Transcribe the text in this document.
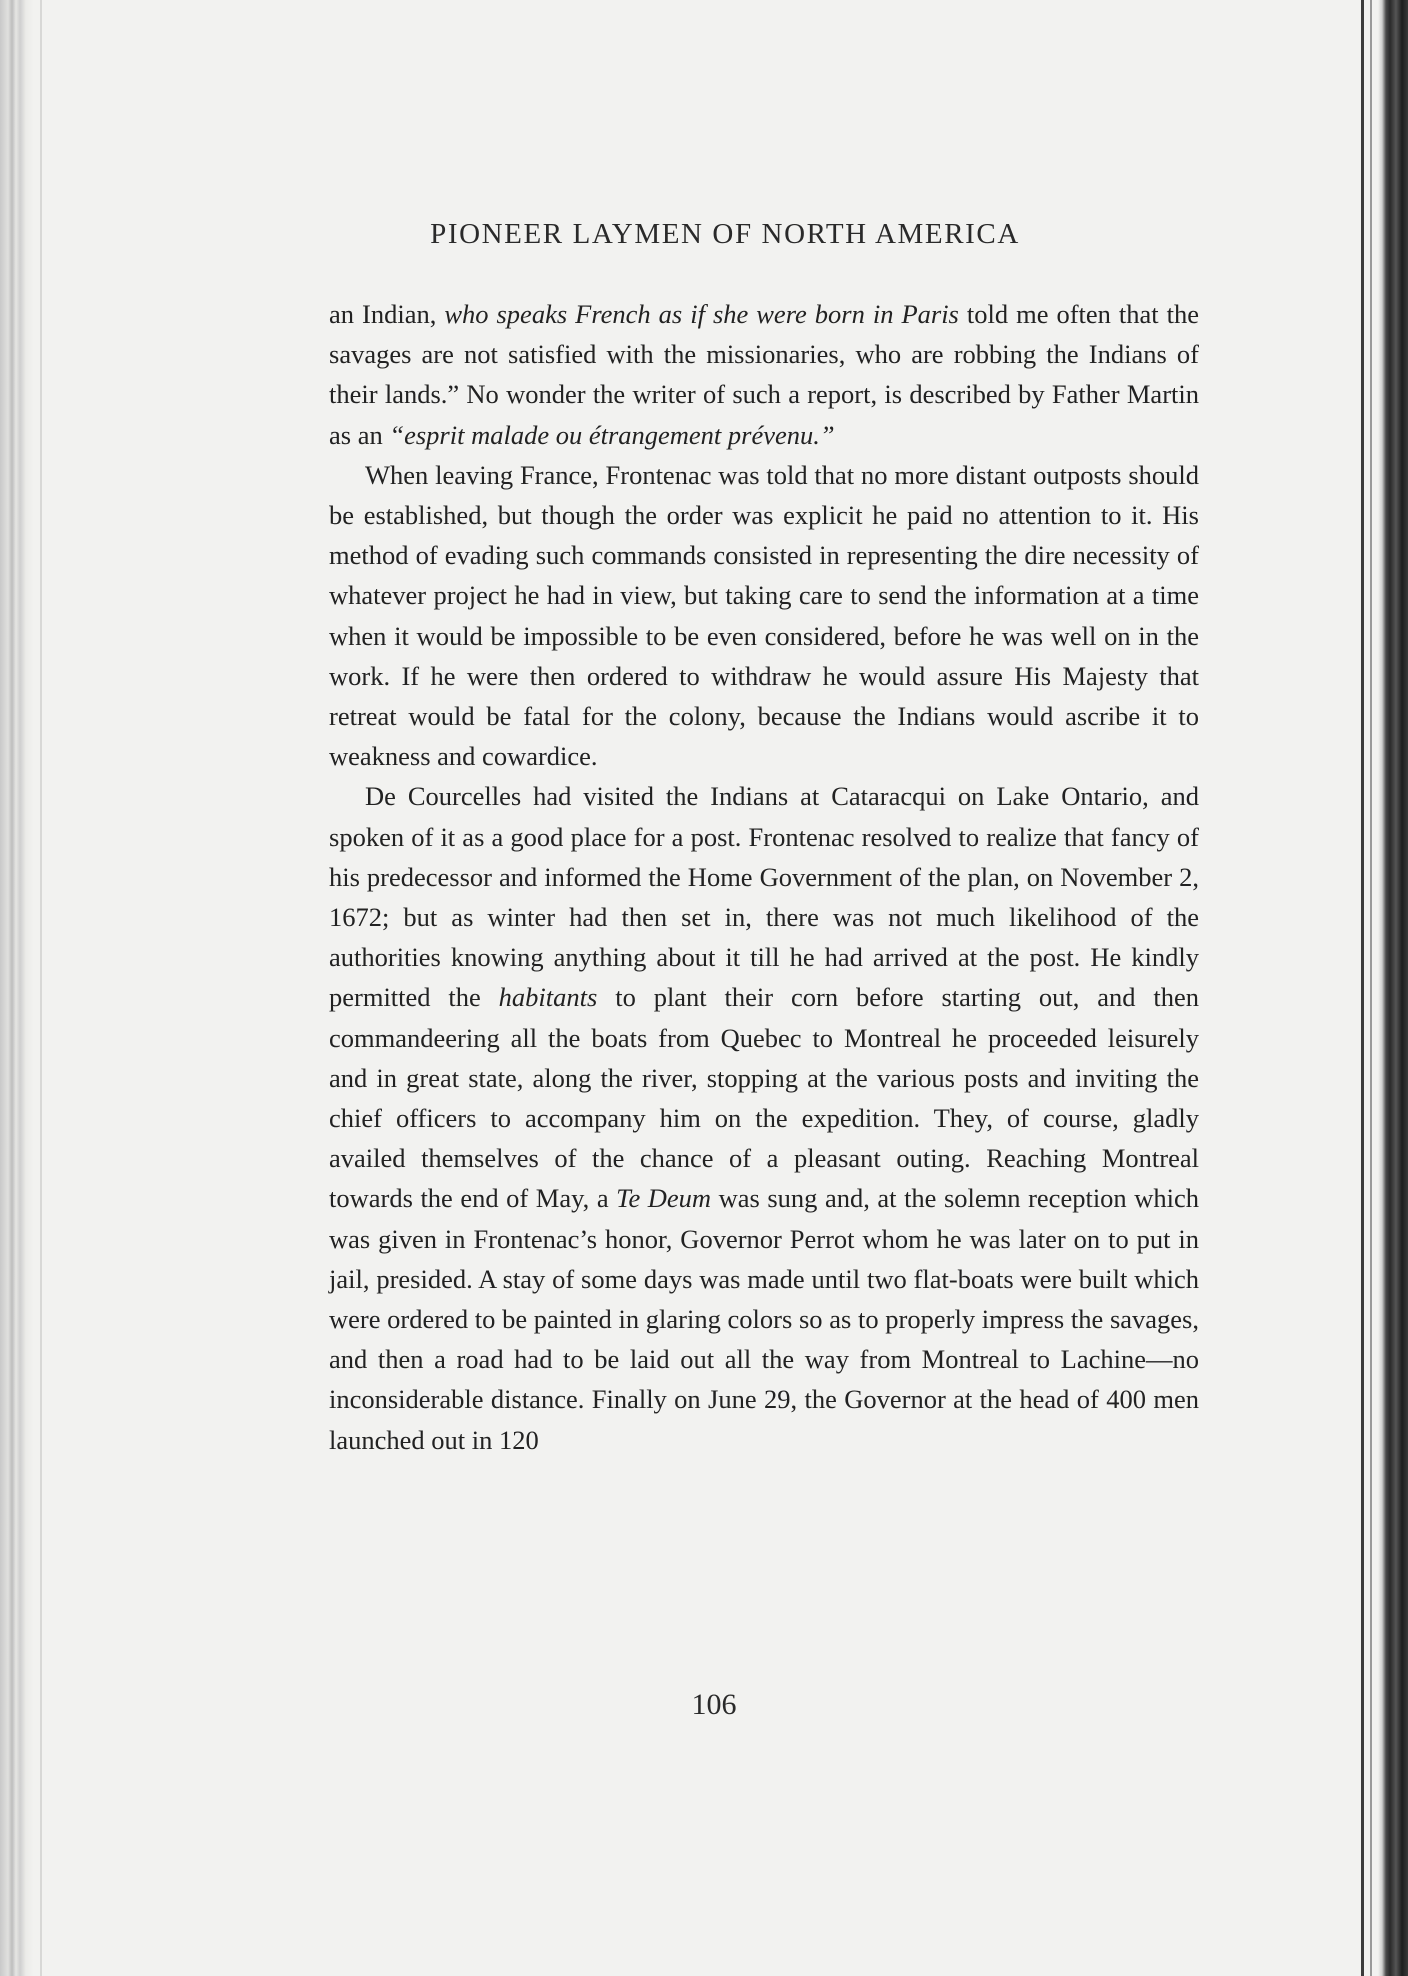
PIONEER LAYMEN OF NORTH AMERICA

an Indian, who speaks French as if she were born in Paris told me often that the savages are not satisfied with the missionaries, who are robbing the Indians of their lands.” No wonder the writer of such a report, is described by Father Martin as an “esprit malade ou étrangement prévenu.”

When leaving France, Frontenac was told that no more distant outposts should be established, but though the order was explicit he paid no attention to it. His method of evading such commands consisted in representing the dire necessity of whatever project he had in view, but taking care to send the information at a time when it would be impossible to be even considered, before he was well on in the work. If he were then ordered to withdraw he would assure His Majesty that retreat would be fatal for the colony, because the Indians would ascribe it to weakness and cowardice.

De Courcelles had visited the Indians at Cataracqui on Lake Ontario, and spoken of it as a good place for a post. Frontenac resolved to realize that fancy of his predecessor and informed the Home Government of the plan, on November 2, 1672; but as winter had then set in, there was not much likelihood of the authorities knowing anything about it till he had arrived at the post. He kindly permitted the habitants to plant their corn before starting out, and then commandeering all the boats from Quebec to Montreal he proceeded leisurely and in great state, along the river, stopping at the various posts and inviting the chief officers to accompany him on the expedition. They, of course, gladly availed themselves of the chance of a pleasant outing. Reaching Montreal towards the end of May, a Te Deum was sung and, at the solemn reception which was given in Frontenac’s honor, Governor Perrot whom he was later on to put in jail, presided. A stay of some days was made until two flat-boats were built which were ordered to be painted in glaring colors so as to properly impress the savages, and then a road had to be laid out all the way from Montreal to Lachine—no inconsiderable distance. Finally on June 29, the Governor at the head of 400 men launched out in 120

106
